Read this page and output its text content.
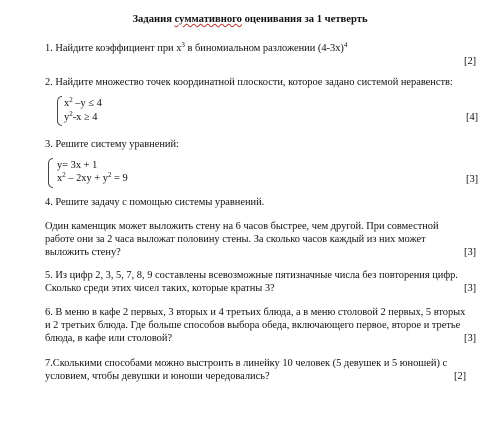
Задания суммативного оценивания за 1 четверть
1. Найдите коэффициент при $x^3$ в биномиальном разложении $(4-3x)^4$
[2]
2. Найдите множество точек координатной плоскости, которое задано системой неравенств:
$x^2$ –y ≤ 4
$y^2-x \ge 4$	[4]
3. Решите систему уравнений:
y= 3x + 1
$x^2 - 2xy + y^2 = 9$	[3]
4. Решите задачу с помощью системы уравнений.
Один каменщик может выложить стену на 6 часов быстрее, чем другой. При совместной
работе они за 2 часа выложат половину стены. За сколько часов каждый из них может
выложить стену?	[3]
5. Из цифр 2, 3, 5, 7, 8, 9 составлены всевозможные пятизначные числа без повторения цифр.
Сколько среди этих чисел таких, которые кратны 3?	[3]
6. В меню в кафе 2 первых, 3 вторых и 4 третьих блюда, а в меню столовой 2 первых, 5 вторых
и 2 третьих блюда. Где больше способов выбора обеда, включающего первое, второе и третье
блюда, в кафе или столовой?	[3]
7.Сколькими способами можно выстроить в линейку 10 человек (5 девушек и 5 юношей) с
условием, чтобы девушки и юноши чередовались?	[2]
